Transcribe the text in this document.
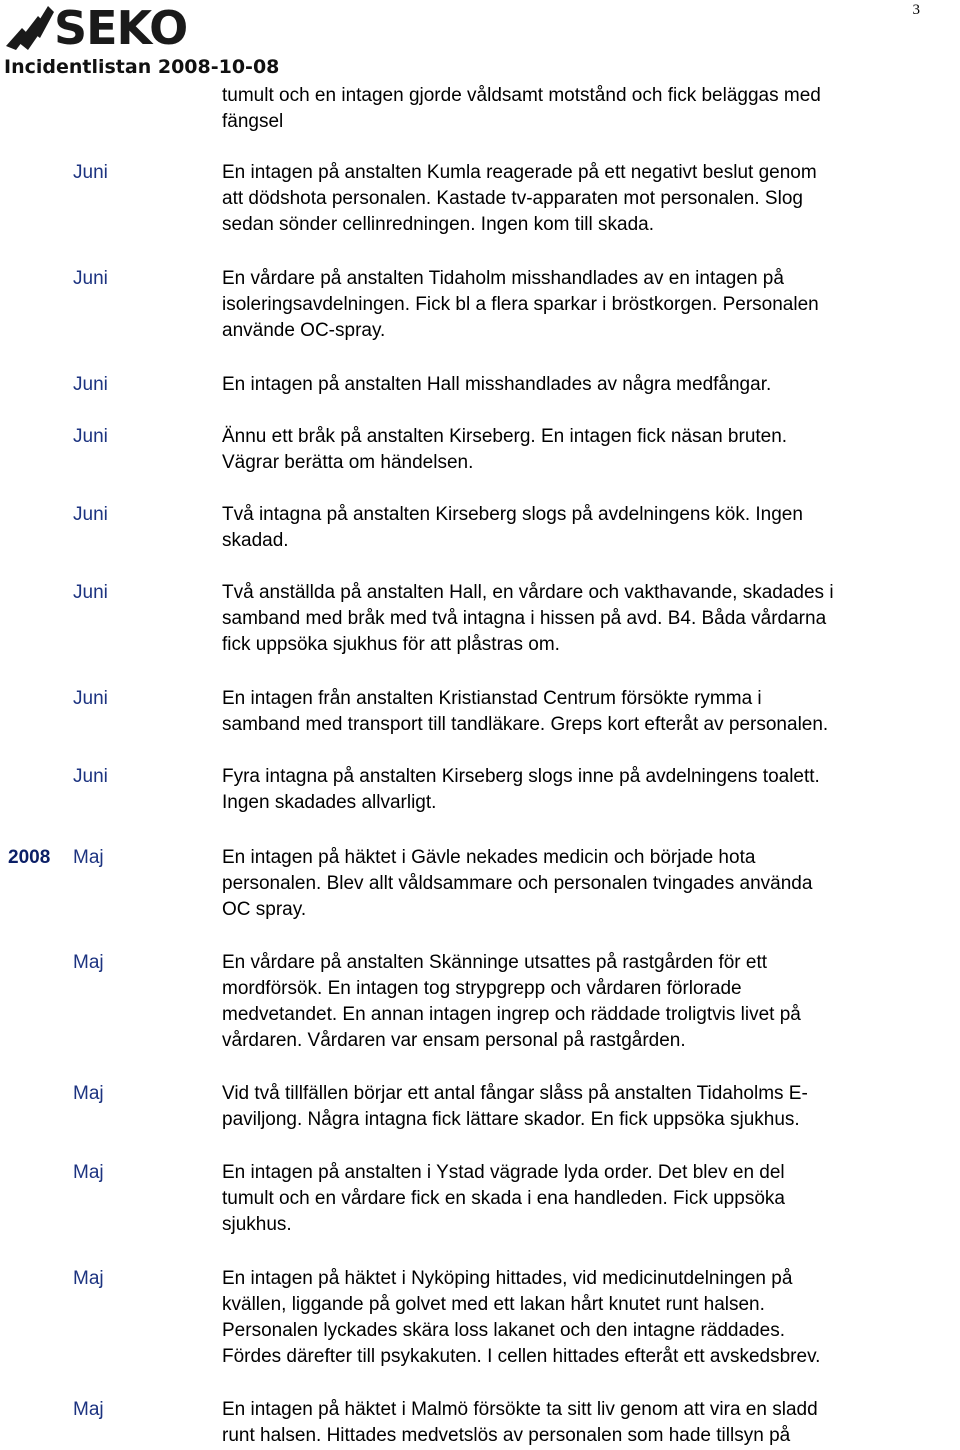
SEKO
Incidentlistan 2008-10-08
3
tumult och en intagen gjorde våldsamt motstånd och fick beläggas med
fängsel
Juni	En intagen på anstalten Kumla reagerade på ett negativt beslut genom
att dödshota personalen. Kastade tv-apparaten mot personalen. Slog
sedan sönder cellinredningen. Ingen kom till skada.
Juni	En vårdare på anstalten Tidaholm misshandlades av en intagen på
isoleringsavdelningen. Fick bl a flera sparkar i bröstkorgen. Personalen
använde OC-spray.
Juni	En intagen på anstalten Hall misshandlades av några medfångar.
Juni	Ännu ett bråk på anstalten Kirseberg. En intagen fick näsan bruten.
Vägrar berätta om händelsen.
Juni	Två intagna på anstalten Kirseberg slogs på avdelningens kök. Ingen
skadad.
Juni	Två anställda på anstalten Hall, en vårdare och vakthavande, skadades i
samband med bråk med två intagna i hissen på avd. B4. Båda vårdarna
fick uppsöka sjukhus för att plåstras om.
Juni	En intagen från anstalten Kristianstad Centrum försökte rymma i
samband med transport till tandläkare. Greps kort efteråt av personalen.
Juni	Fyra intagna på anstalten Kirseberg slogs inne på avdelningens toalett.
Ingen skadades allvarligt.
2008 Maj	En intagen på häktet i Gävle nekades medicin och började hota
personalen. Blev allt våldsammare och personalen tvingades använda
OC spray.
Maj	En vårdare på anstalten Skänninge utsattes på rastgården för ett
mordförsök. En intagen tog strypgrepp och vårdaren förlorade
medvetandet. En annan intagen ingrep och räddade troligtvis livet på
vårdaren. Vårdaren var ensam personal på rastgården.
Maj	Vid två tillfällen börjar ett antal fångar slåss på anstalten Tidaholms E-
paviljong. Några intagna fick lättare skador. En fick uppsöka sjukhus.
Maj	En intagen på anstalten i Ystad vägrade lyda order. Det blev en del
tumult och en vårdare fick en skada i ena handleden. Fick uppsöka
sjukhus.
Maj	En intagen på häktet i Nyköping hittades, vid medicinutdelningen på
kvällen, liggande på golvet med ett lakan hårt knutet runt halsen.
Personalen lyckades skära loss lakanet och den intagne räddades.
Fördes därefter till psykakuten. I cellen hittades efteråt ett avskedsbrev.
Maj	En intagen på häktet i Malmö försökte ta sitt liv genom att vira en sladd
runt halsen. Hittades medvetslös av personalen som hade tillsyn på
